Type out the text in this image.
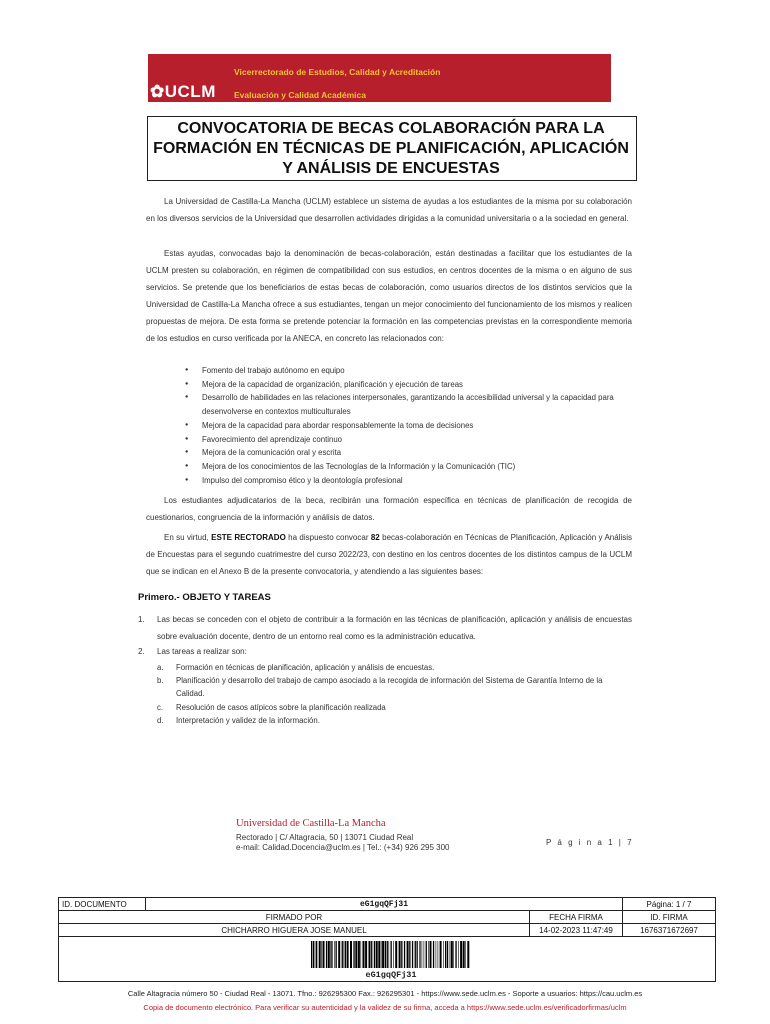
✿UCLM
Vicerrectorado de Estudios, Calidad y Acreditación
Evaluación y Calidad Académica
CONVOCATORIA DE BECAS COLABORACIÓN PARA LA FORMACIÓN EN TÉCNICAS DE PLANIFICACIÓN, APLICACIÓN Y ANÁLISIS DE ENCUESTAS
La Universidad de Castilla-La Mancha (UCLM) establece un sistema de ayudas a los estudiantes de la misma por su colaboración en los diversos servicios de la Universidad que desarrollen actividades dirigidas a la comunidad universitaria o a la sociedad en general.
Estas ayudas, convocadas bajo la denominación de becas-colaboración, están destinadas a facilitar que los estudiantes de la UCLM presten su colaboración, en régimen de compatibilidad con sus estudios, en centros docentes de la misma o en alguno de sus servicios. Se pretende que los beneficiarios de estas becas de colaboración, como usuarios directos de los distintos servicios que la Universidad de Castilla-La Mancha ofrece a sus estudiantes, tengan un mejor conocimiento del funcionamiento de los mismos y realicen propuestas de mejora. De esta forma se pretende potenciar la formación en las competencias previstas en la correspondiente memoria de los estudios en curso verificada por la ANECA, en concreto las relacionados con:
● Fomento del trabajo autónomo en equipo
● Mejora de la capacidad de organización, planificación y ejecución de tareas
● Desarrollo de habilidades en las relaciones interpersonales, garantizando la accesibilidad universal y la capacidad para desenvolverse en contextos multiculturales
● Mejora de la capacidad para abordar responsablemente la toma de decisiones
● Favorecimiento del aprendizaje continuo
● Mejora de la comunicación oral y escrita
● Mejora de los conocimientos de las Tecnologías de la Información y la Comunicación (TIC)
● Impulso del compromiso ético y la deontología profesional
Los estudiantes adjudicatarios de la beca, recibirán una formación específica en técnicas de planificación de recogida de cuestionarios, congruencia de la información y análisis de datos.
En su virtud, ESTE RECTORADO ha dispuesto convocar 82 becas-colaboración en Técnicas de Planificación, Aplicación y Análisis de Encuestas para el segundo cuatrimestre del curso 2022/23, con destino en los centros docentes de los distintos campus de la UCLM que se indican en el Anexo B de la presente convocatoria, y atendiendo a las siguientes bases:
Primero.- OBJETO Y TAREAS
1. Las becas se conceden con el objeto de contribuir a la formación en las técnicas de planificación, aplicación y análisis de encuestas sobre evaluación docente, dentro de un entorno real como es la administración educativa.
2. Las tareas a realizar son:
a. Formación en técnicas de planificación, aplicación y análisis de encuestas.
b. Planificación y desarrollo del trabajo de campo asociado a la recogida de información del Sistema de Garantía Interno de la Calidad.
c. Resolución de casos atípicos sobre la planificación realizada
d. Interpretación y validez de la información.
Universidad de Castilla-La Mancha
Rectorado | C/ Altagracia, 50 | 13071 Ciudad Real
e-mail: Calidad.Docencia@uclm.es | Tel.: (+34) 926 295 300
P á g i n a 1 | 7
ID. DOCUMENTO	eG1gqQFj31		Página: 1 / 7
FIRMADO POR		FECHA FIRMA	ID. FIRMA
CHICHARRO HIGUERA JOSE MANUEL		14-02-2023 11:47:49	1676371672697

eG1gqQFj31
Calle Altagracia número 50 - Ciudad Real - 13071. Tfno.: 926295300 Fax.: 926295301 - https://www.sede.uclm.es - Soporte a usuarios: https://cau.uclm.es
Copia de documento electrónico. Para verificar su autenticidad y la validez de su firma, acceda a https://www.sede.uclm.es/verificadorfirmas/uclm
